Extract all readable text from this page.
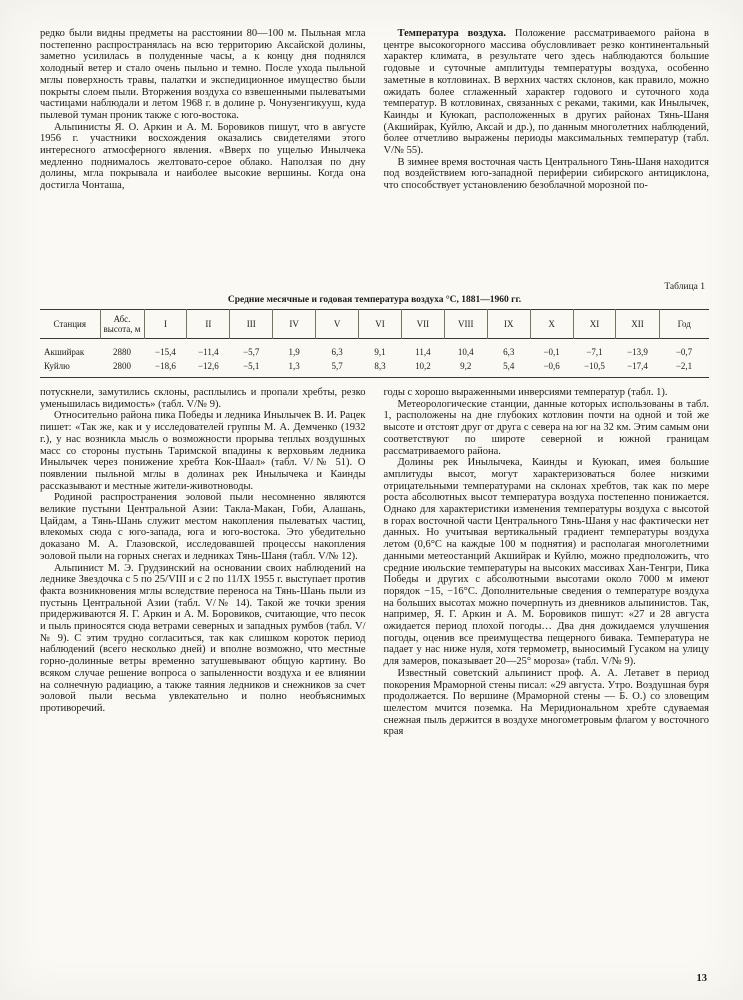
редко были видны предметы на расстоянии 80—100 м. Пыльная мгла постепенно распространялась на всю территорию Аксайской долины, заметно усилилась в полуденные часы, а к концу дня поднялся холодный ветер и стало очень пыльно и темно. После ухода пыльной мглы поверхность травы, палатки и экспедиционное имущество были покрыты слоем пыли. Вторжения воздуха со взвешенными пылеватыми частицами наблюдали и летом 1968 г. в долине р. Чонузенгикууш, куда пылевой туман проник также с юго-востока.

Альпинисты Я. О. Аркин и А. М. Боровиков пишут, что в августе 1956 г. участники восхождения оказались свидетелями этого интересного атмосферного явления. «Вверх по ущелью Инылчека медленно поднималось желтовато-серое облако. Наползая по дну долины, мгла покрывала и наиболее высокие вершины. Когда она достигла Чонташа,

Температура воздуха. Положение рассматриваемого района в центре высокогорного массива обусловливает резко континентальный характер климата, в результате чего здесь наблюдаются большие годовые и суточные амплитуды температуры воздуха, особенно заметные в котловинах. В верхних частях склонов, как правило, можно ожидать более сглаженный характер годового и суточного хода температур. В котловинах, связанных с реками, такими, как Инылычек, Каинды и Куюкап, расположенных в других районах Тянь-Шаня (Акшийрак, Куйлю, Аксай и др.), по данным многолетних наблюдений, более отчетливо выражены периоды максимальных температур (табл. V/№ 55).

В зимнее время восточная часть Центрального Тянь-Шаня находится под воздействием юго-западной периферии сибирского антициклона, что способствует установлению безоблачной морозной по-

Таблица 1
Средние месячные и годовая температура воздуха °С, 1881—1960 гг.
Станция	Абс. высота, м	I	II	III	IV	V	VI	VII	VIII	IX	X	XI	XII	Год
Акшийрак	2880	−15,4	−11,4	−5,7	1,9	6,3	9,1	11,4	10,4	6,3	−0,1	−7,1	−13,9	−0,7
Куйлю	2800	−18,6	−12,6	−5,1	1,3	5,7	8,3	10,2	9,2	5,4	−0,6	−10,5	−17,4	−2,1

потускнели, замутились склоны, расплылись и пропали хребты, резко уменьшилась видимость» (табл. V/№ 9).

Относительно района пика Победы и ледника Инылычек В. И. Рацек пишет: «Так же, как и у исследователей группы М. А. Демченко (1932 г.), у нас возникла мысль о возможности прорыва теплых воздушных масс со стороны пустынь Таримской впадины к верховьям ледника Инылычек через понижение хребта Кок-Шаал» (табл. V/№ 51). О появлении пыльной мглы в долинах рек Инылычека и Каинды рассказывают и местные жители-животноводы.

Родиной распространения эоловой пыли несомненно являются великие пустыни Центральной Азии: Такла-Макан, Гоби, Алашань, Цайдам, а Тянь-Шань служит местом накопления пылеватых частиц, влекомых сюда с юго-запада, юга и юго-востока. Это убедительно доказано М. А. Глазовской, исследовавшей процессы накопления эоловой пыли на горных снегах и ледниках Тянь-Шаня (табл. V/№ 12).

Альпинист М. Э. Грудзинский на основании своих наблюдений на леднике Звездочка с 5 по 25/VIII и с 2 по 11/IX 1955 г. выступает против факта возникновения мглы вследствие переноса на Тянь-Шань пыли из пустынь Центральной Азии (табл. V/№ 14). Такой же точки зрения придерживаются Я. Г. Аркин и А. М. Боровиков, считающие, что песок и пыль приносятся сюда ветрами северных и западных румбов (табл. V/№ 9). С этим трудно согласиться, так как слишком короток период наблюдений (всего несколько дней) и вполне возможно, что местные горно-долинные ветры временно затушевывают общую картину. Во всяком случае решение вопроса о запыленности воздуха и ее влиянии на солнечную радиацию, а также таяния ледников и снежников за счет эоловой пыли весьма увлекательно и полно необъяснимых противоречий.

годы с хорошо выраженными инверсиями температур (табл. 1).

Метеорологические станции, данные которых использованы в табл. 1, расположены на дне глубоких котловин почти на одной и той же высоте и отстоят друг от друга с севера на юг на 32 км. Этим самым они соответствуют по широте северной и южной границам рассматриваемого района.

Долины рек Инылычека, Каинды и Куюкап, имея большие амплитуды высот, могут характеризоваться более низкими отрицательными температурами на склонах хребтов, так как по мере роста абсолютных высот температура воздуха постепенно понижается. Однако для характеристики изменения температуры воздуха с высотой в горах восточной части Центрального Тянь-Шаня у нас фактически нет данных. Но учитывая вертикальный градиент температуры воздуха летом (0,6°С на каждые 100 м поднятия) и располагая многолетними данными метеостанций Акшийрак и Куйлю, можно предположить, что средние июльские температуры на высоких массивах Хан-Тенгри, Пика Победы и других с абсолютными высотами около 7000 м имеют порядок −15, −16°С. Дополнительные сведения о температуре воздуха на больших высотах можно почерпнуть из дневников альпинистов. Так, например, Я. Г. Аркин и А. М. Боровиков пишут: «27 и 28 августа ожидается период плохой погоды… Два дня дожидаемся улучшения погоды, оценив все преимущества пещерного бивака. Температура не падает у нас ниже нуля, хотя термометр, выносимый Гусаком на улицу для замеров, показывает 20—25° мороза» (табл. V/№ 9).

Известный советский альпинист проф. А. А. Летавет в период покорения Мраморной стены писал: «29 августа. Утро. Воздушная буря продолжается. По вершине (Мраморной стены — Б. О.) со зловещим шелестом мчится поземка. На Меридиональном хребте сдуваемая снежная пыль держится в воздухе многометровым флагом у восточного края

13
